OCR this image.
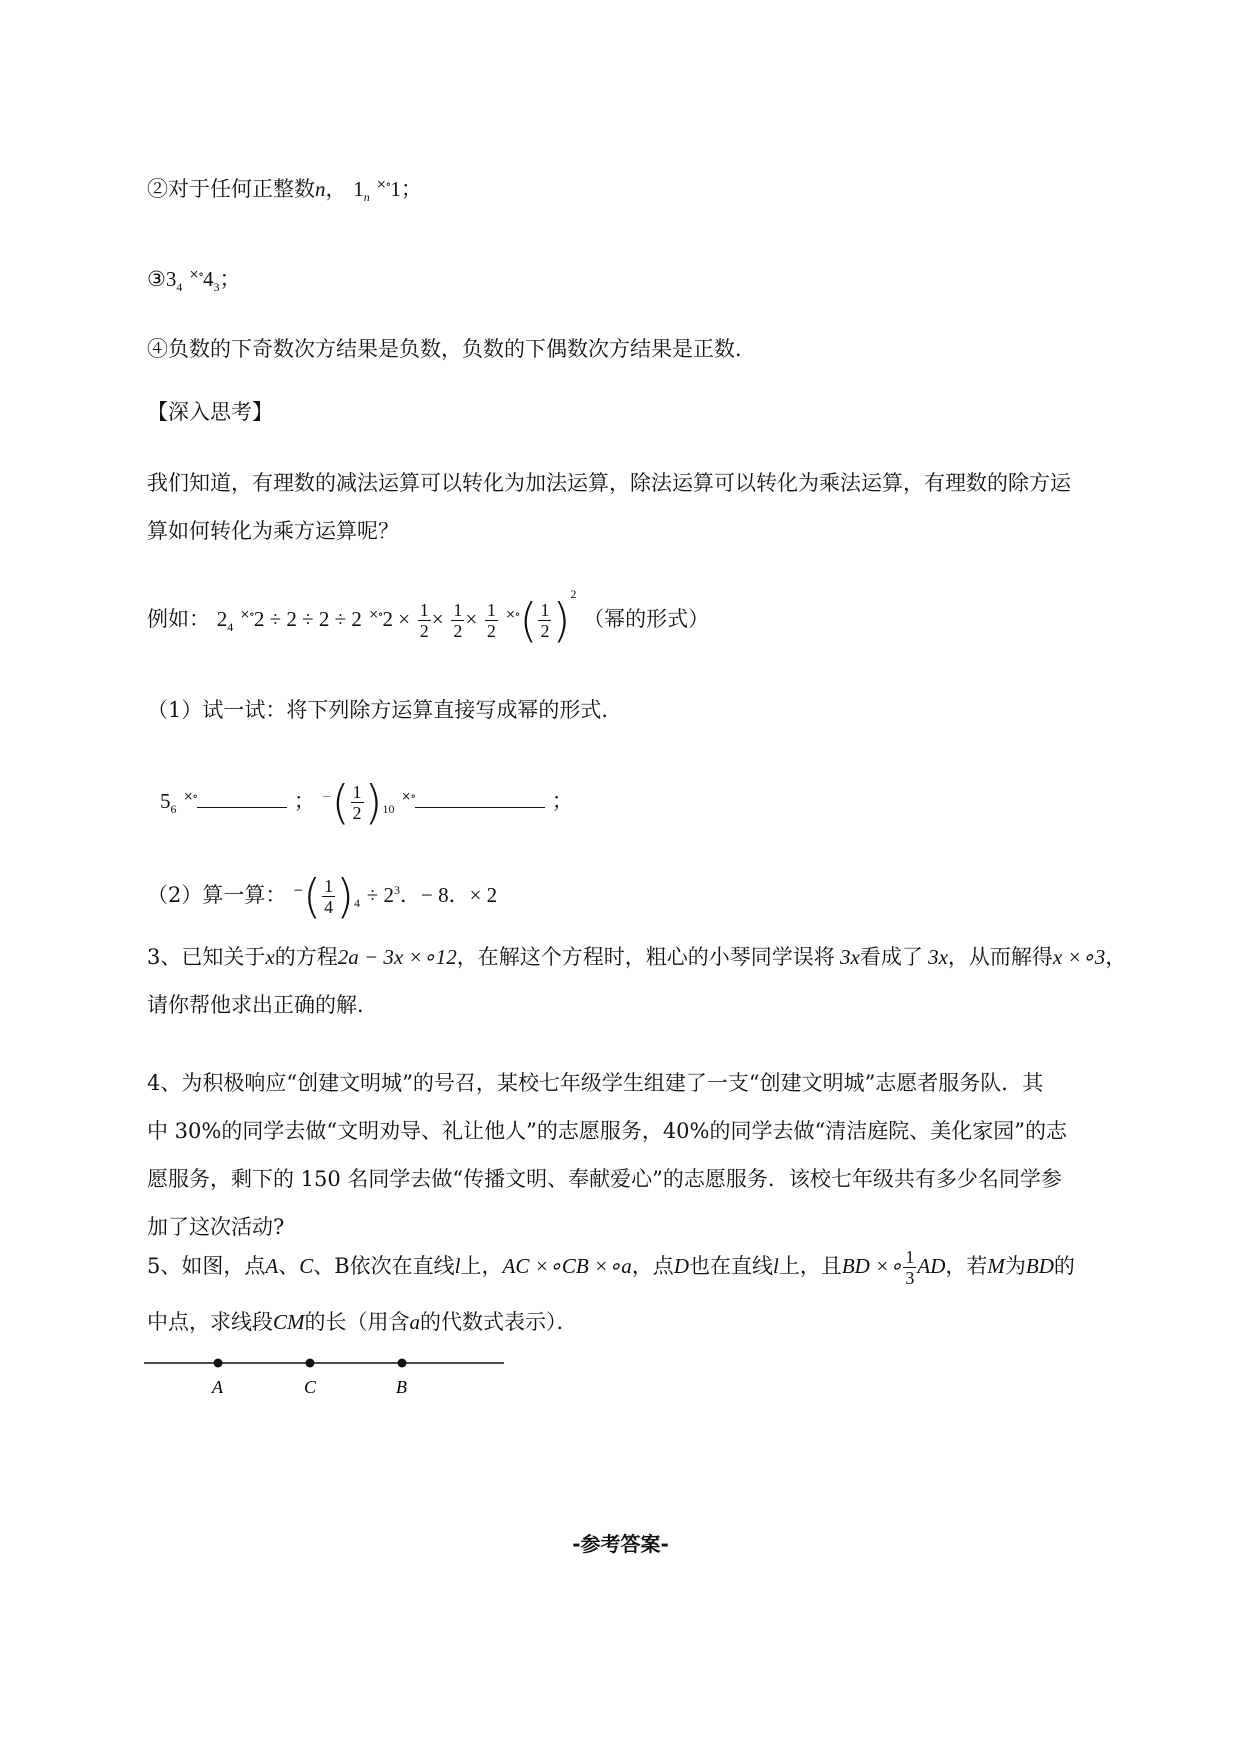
②对于任何正整数n， $1_n$ ×∘1；
$③3_4$ $^{\times\circ}4_3$；
④负数的下奇数次方结果是负数，负数的下偶数次方结果是正数．
【深入思考】
我们知道，有理数的减法运算可以转化为加法运算，除法运算可以转化为乘法运算，有理数的除方运
算如何转化为乘方运算呢？
例如： $2_4$ ×∘2 ÷ 2 ÷ 2 ÷ 2 $^{\times\circ}2 \times \frac{1}{2} \times \frac{1}{2} \times \frac{1}{2} ^{\times\circ}( \frac{1}{2} )^2$ （幂的形式）
（1）试一试：将下列除方运算直接写成幂的形式．
$5_6$ ×∘	； $^-( \frac{1}{2} )_{10}$ ×∘	；
（2）算一算： $^-( \frac{1}{4} )_4 \div 2^3$．− 8．× 2
3、已知关于x的方程2a − 3x ×∘12，在解这个方程时，粗心的小琴同学误将 3x看成了 3x，从而解得x ×∘3，
请你帮他求出正确的解．
4、为积极响应“创建文明城”的号召，某校七年级学生组建了一支“创建文明城”志愿者服务队．其
中 30%的同学去做“文明劝导、礼让他人”的志愿服务，40%的同学去做“清洁庭院、美化家园”的志
愿服务，剩下的 150 名同学去做“传播文明、奉献爱心”的志愿服务．该校七年级共有多少名同学参
加了这次活动?
5、如图，点A、C、B依次在直线l上，AC ×∘CB ×∘a，点D也在直线l上，且BD ×∘ $\frac{1}{3}$ AD，若M为BD的
中点，求线段CM的长（用含a的代数式表示）．
A	C	B
-参考答案-
